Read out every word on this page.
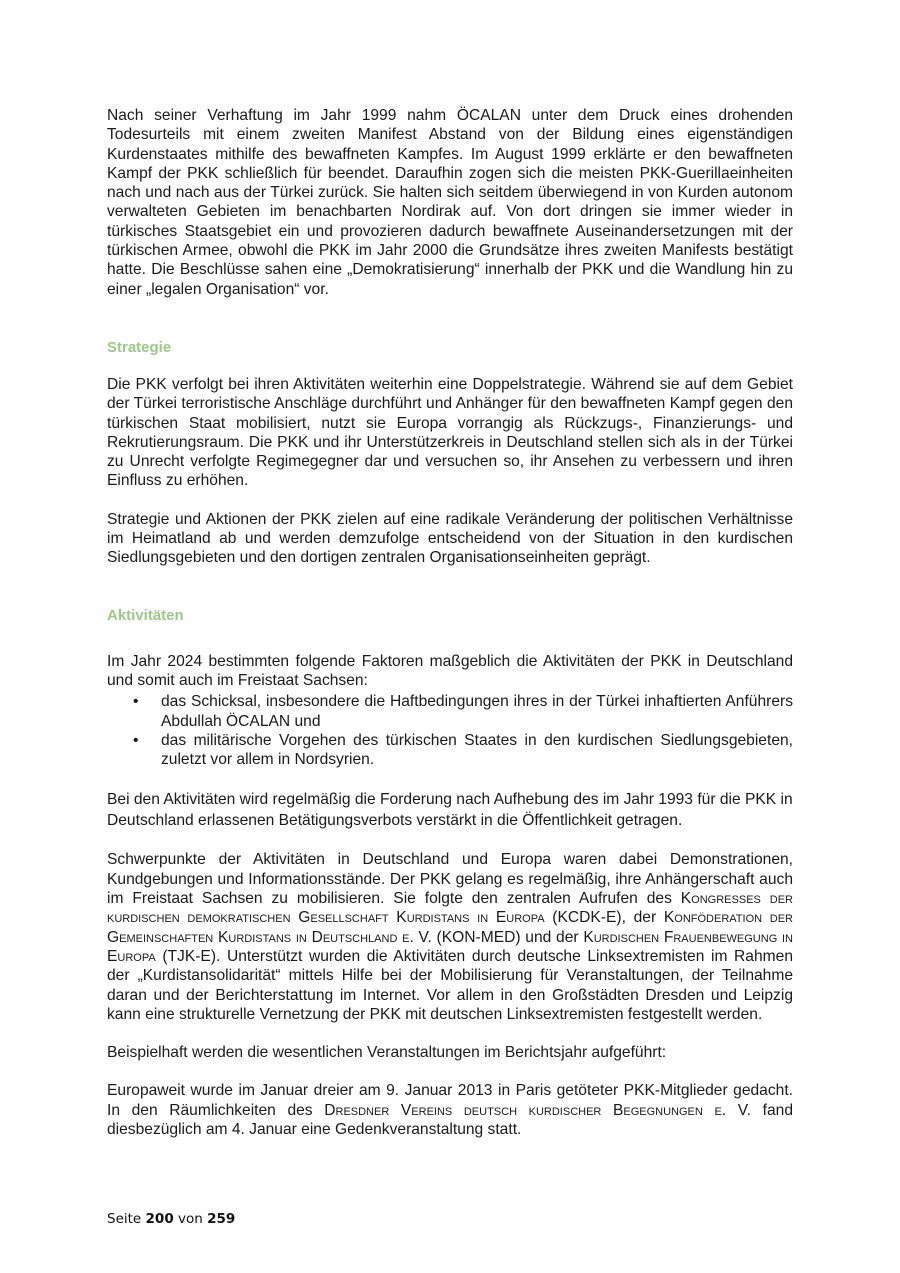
Nach seiner Verhaftung im Jahr 1999 nahm ÖCALAN unter dem Druck eines drohenden Todesurteils mit einem zweiten Manifest Abstand von der Bildung eines eigenständigen Kurdenstaates mithilfe des bewaffneten Kampfes. Im August 1999 erklärte er den bewaffneten Kampf der PKK schließlich für beendet. Daraufhin zogen sich die meisten PKK-Guerillaeinheiten nach und nach aus der Türkei zurück. Sie halten sich seitdem überwiegend in von Kurden autonom verwalteten Gebieten im benachbarten Nordirak auf. Von dort dringen sie immer wieder in türkisches Staatsgebiet ein und provozieren dadurch bewaffnete Auseinandersetzungen mit der türkischen Armee, obwohl die PKK im Jahr 2000 die Grundsätze ihres zweiten Manifests bestätigt hatte. Die Beschlüsse sahen eine „Demokratisierung“ innerhalb der PKK und die Wandlung hin zu einer „legalen Organisation“ vor.

Strategie

Die PKK verfolgt bei ihren Aktivitäten weiterhin eine Doppelstrategie. Während sie auf dem Gebiet der Türkei terroristische Anschläge durchführt und Anhänger für den bewaffneten Kampf gegen den türkischen Staat mobilisiert, nutzt sie Europa vorrangig als Rückzugs-, Finanzierungs- und Rekrutierungsraum. Die PKK und ihr Unterstützerkreis in Deutschland stellen sich als in der Türkei zu Unrecht verfolgte Regimegegner dar und versuchen so, ihr Ansehen zu verbessern und ihren Einfluss zu erhöhen.

Strategie und Aktionen der PKK zielen auf eine radikale Veränderung der politischen Verhältnisse im Heimatland ab und werden demzufolge entscheidend von der Situation in den kurdischen Siedlungsgebieten und den dortigen zentralen Organisationseinheiten geprägt.

Aktivitäten

Im Jahr 2024 bestimmten folgende Faktoren maßgeblich die Aktivitäten der PKK in Deutschland und somit auch im Freistaat Sachsen:

• das Schicksal, insbesondere die Haftbedingungen ihres in der Türkei inhaftierten Anführers Abdullah ÖCALAN und
• das militärische Vorgehen des türkischen Staates in den kurdischen Siedlungsgebieten, zuletzt vor allem in Nordsyrien.

Bei den Aktivitäten wird regelmäßig die Forderung nach Aufhebung des im Jahr 1993 für die PKK in Deutschland erlassenen Betätigungsverbots verstärkt in die Öffentlichkeit getragen.

Schwerpunkte der Aktivitäten in Deutschland und Europa waren dabei Demonstrationen, Kundgebungen und Informationsstände. Der PKK gelang es regelmäßig, ihre Anhängerschaft auch im Freistaat Sachsen zu mobilisieren. Sie folgte den zentralen Aufrufen des Kongresses der kurdischen demokratischen Gesellschaft Kurdistans in Europa (KCDK-E), der Konföderation der Gemeinschaften Kurdistans in Deutschland e. V. (KON-MED) und der Kurdischen Frauenbewegung in Europa (TJK-E). Unterstützt wurden die Aktivitäten durch deutsche Linksextremisten im Rahmen der „Kurdistansolidarität“ mittels Hilfe bei der Mobilisierung für Veranstaltungen, der Teilnahme daran und der Berichterstattung im Internet. Vor allem in den Großstädten Dresden und Leipzig kann eine strukturelle Vernetzung der PKK mit deutschen Linksextremisten festgestellt werden.

Beispielhaft werden die wesentlichen Veranstaltungen im Berichtsjahr aufgeführt:

Europaweit wurde im Januar dreier am 9. Januar 2013 in Paris getöteter PKK-Mitglieder gedacht. In den Räumlichkeiten des Dresdner Vereins deutsch kurdischer Begegnungen e. V. fand diesbezüglich am 4. Januar eine Gedenkveranstaltung statt.

Seite 200 von 259
